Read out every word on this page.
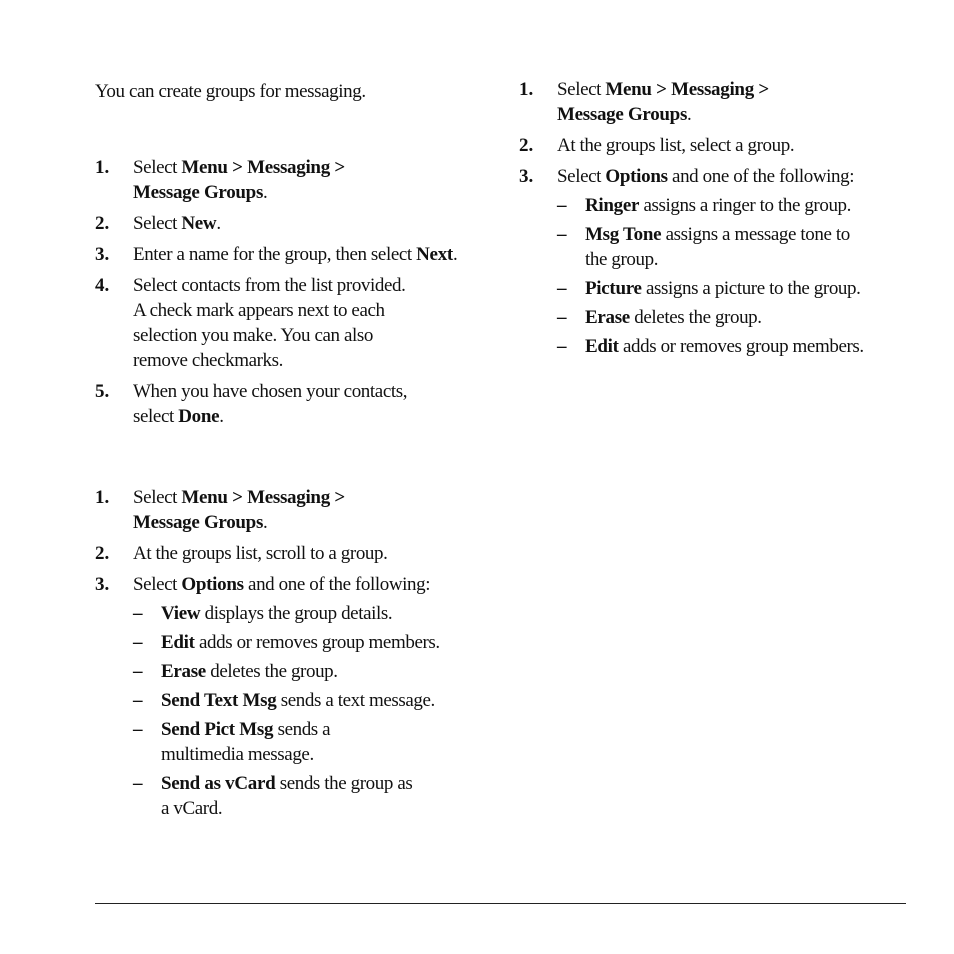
You can create groups for messaging.

1. Select Menu > Messaging >
Message Groups.
2. Select New.
3. Enter a name for the group, then select Next.
4. Select contacts from the list provided.
A check mark appears next to each
selection you make. You can also
remove checkmarks.
5. When you have chosen your contacts,
select Done.
1. Select Menu > Messaging >
Message Groups.
2. At the groups list, scroll to a group.
3. Select Options and one of the following:
– View displays the group details.
– Edit adds or removes group members.
– Erase deletes the group.
– Send Text Msg sends a text message.
– Send Pict Msg sends a
multimedia message.
– Send as vCard sends the group as
a vCard.
1. Select Menu > Messaging >
Message Groups.
2. At the groups list, select a group.
3. Select Options and one of the following:
– Ringer assigns a ringer to the group.
– Msg Tone assigns a message tone to
the group.
– Picture assigns a picture to the group.
– Erase deletes the group.
– Edit adds or removes group members.
